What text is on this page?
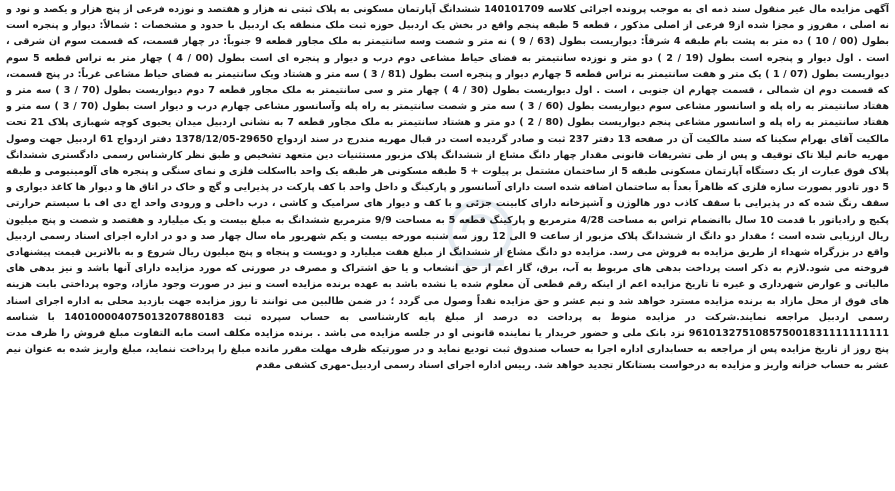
آگهی مزایده مال غیر منقول سند ذمه ای به موجب پرونده اجرائی کلاسه 140101709 ششدانگ آپارتمان مسکونی به پلاک ثبتی نه هزار و هفتصد و نوزده فرعی از پنج هزار و یکصد و نود و نه اصلی ، مفروز و مجزا شده از9 فرعی از اصلی مذکور ، قطعه 5 طبقه پنجم واقع در بخش یک اردبیل حوزه ثبت ملک منطقه یک اردبیل با حدود و مشخصات : شمالاً: دیوار و پنجره است بطول (00 / 10 ) ده متر به پشت بام طبقه 4 شرقاً: دیواریست بطول (63 / 9 ) نه متر و شصت وسه سانتیمتر به ملک مجاور قطعه 9 جنوباً: در چهار قسمت، که قسمت سوم ان شرقی ، است . اول دیوار و پنجره است بطول (19 / 2 ) دو متر و نوزده سانتیمتر به فضای حیاط مشاعی دوم درب و دیوار و پنجره ای است بطول (00 / 4 ) چهار متر به تراس قطعه 5 سوم دیواریست بطول (07 / 1 ) یک متر و هفت سانتیمتر به تراس قطعه 5 چهارم دیوار و پنجره است بطول (81 / 3 ) سه متر و هشتاد ویک سانتیمتر به فضای حیاط مشاعی غرباً: در پنج قسمت، که قسمت دوم ان شمالی ، قسمت چهارم ان جنوبی ، است . اول دیواریست بطول (30 / 4 ) چهار متر و سی سانتیمتر به ملک مجاور قطعه 7 دوم دیواریست بطول (70 / 3 ) سه متر و هفتاد سانتیمتر به راه پله و اسانسور مشاعی سوم دیواریست بطول (60 / 3 ) سه متر و شصت سانتیمتر به راه پله وآسانسور مشاعی چهارم درب و دیوار است بطول (70 / 3 ) سه متر و هفتاد سانتیمتر به راه پله و اسانسور مشاعی پنجم دیواریست بطول (80 / 2 ) دو متر و هشتاد سانتیمتر به ملک مجاور قطعه 7 به نشانی اردبیل میدان یحیوی کوچه شهبازی پلاک 21 تحت مالکیت آقای بهرام سکینا که سند مالکیت آن در صفحه 13 دفتر 237 ثبت و صادر گردیده است در قبال مهریه مندرج در سند ازدواج 29650-1378/12/05 دفتر ازدواج 61 اردبیل جهت وصول مهریه خانم لیلا تاک توقیف و پس از طی تشریفات قانونی مقدار چهار دانگ مشاع از ششدانگ پلاک مزبور مستثنیات دین متعهد تشخیص و طبق نظر کارشناس رسمی دادگستری ششدانگ پلاک فوق عبارت از یک دستگاه آپارتمان مسکونی طبقه 5 از ساختمان مشتمل بر پیلوت + 5 طبقه مسکونی هر طبقه یک واحد بااسکلت فلزی و نمای سنگی و پنجره های آلومینیومی و طبقه 5 دور تادور بصورت سازه فلزی که ظاهراً بعداً به ساختمان اضافه شده است دارای آسانسور و پارکینگ و داخل واحد با کف پارکت در پذیرایی و گچ و خاک در اتاق ها و دیوار ها کاغذ دیواری و سقف رنگ شده که در پذیرایی با سقف کاذب دور هالوژن و آشپزخانه دارای کابینت جزئی و با کف و دیوار های سرامیک و کاشی ، درب داخلی و ورودی واحد اچ دی اف با سیستم حرارتی پکیج و رادیاتور با قدمت 10 سال باانضمام تراس به مساحت 4/28 مترمربع و پارکینگ قطعه 5 به مساحت 9/9 مترمربع ششدانگ به مبلغ بیست و یک میلیارد و هفتصد و شصت و پنج میلیون ریال ارزیابی شده است ؛ مقدار دو دانگ از ششدانگ پلاک مزبور از ساعت 9 الی 12 روز سه شنبه مورخه بیست و یکم شهریور ماه سال چهار صد و دو در اداره اجرای اسناد رسمی اردبیل واقع در بزرگراه شهداء از طریق مزایده به فروش می رسد. مزایده دو دانگ مشاع از ششدانگ از مبلغ هفت میلیارد و دویست و پنجاه و پنج میلیون ریال شروع و به بالاترین قیمت پیشنهادی فروخته می شود.لازم به ذکر است پرداخت بدهی های مربوط به آب، برق، گاز اعم از حق انشعاب و یا حق اشتراک و مصرف در صورتی که مورد مزایده دارای آنها باشد و نیز بدهی های مالیاتی و عوارض شهرداری و غیره تا تاریخ مزایده اعم از اینکه رقم قطعی آن معلوم شده یا نشده باشد به عهده برنده مزایده است و نیز در صورت وجود مازاد، وجوه پرداختی بابت هزینه های فوق از محل مازاد به برنده مزایده مسترد خواهد شد و نیم عشر و حق مزایده نقداً وصول می گردد ؛ در ضمن طالبین می توانند تا روز مزایده جهت بازدید محلی به اداره اجرای اسناد رسمی اردبیل مراجعه نمایند.شرکت در مزایده منوط به پرداخت ده درصد از مبلغ پایه کارشناسی به حساب سپرده ثبت 140100004075013207880183 با شناسه 961013275108575001831111111111 نزد بانک ملی و حضور خریدار یا نماینده قانونی او در جلسه مزایده می باشد . برنده مزایده مکلف است مابه التفاوت مبلغ فروش را ظرف مدت پنج روز از تاریخ مزایده پس از مراجعه به حسابداری اداره اجرا به حساب صندوق ثبت تودیع نماید و در صورتیکه ظرف مهلت مقرر مانده مبلغ را پرداخت ننماید، مبلغ واریز شده به عنوان نیم عشر به حساب خزانه واریز و مزایده به درخواست بستانکار تجدید خواهد شد. رییس اداره اجرای اسناد رسمی اردبیل-مهری کشفی مقدم
